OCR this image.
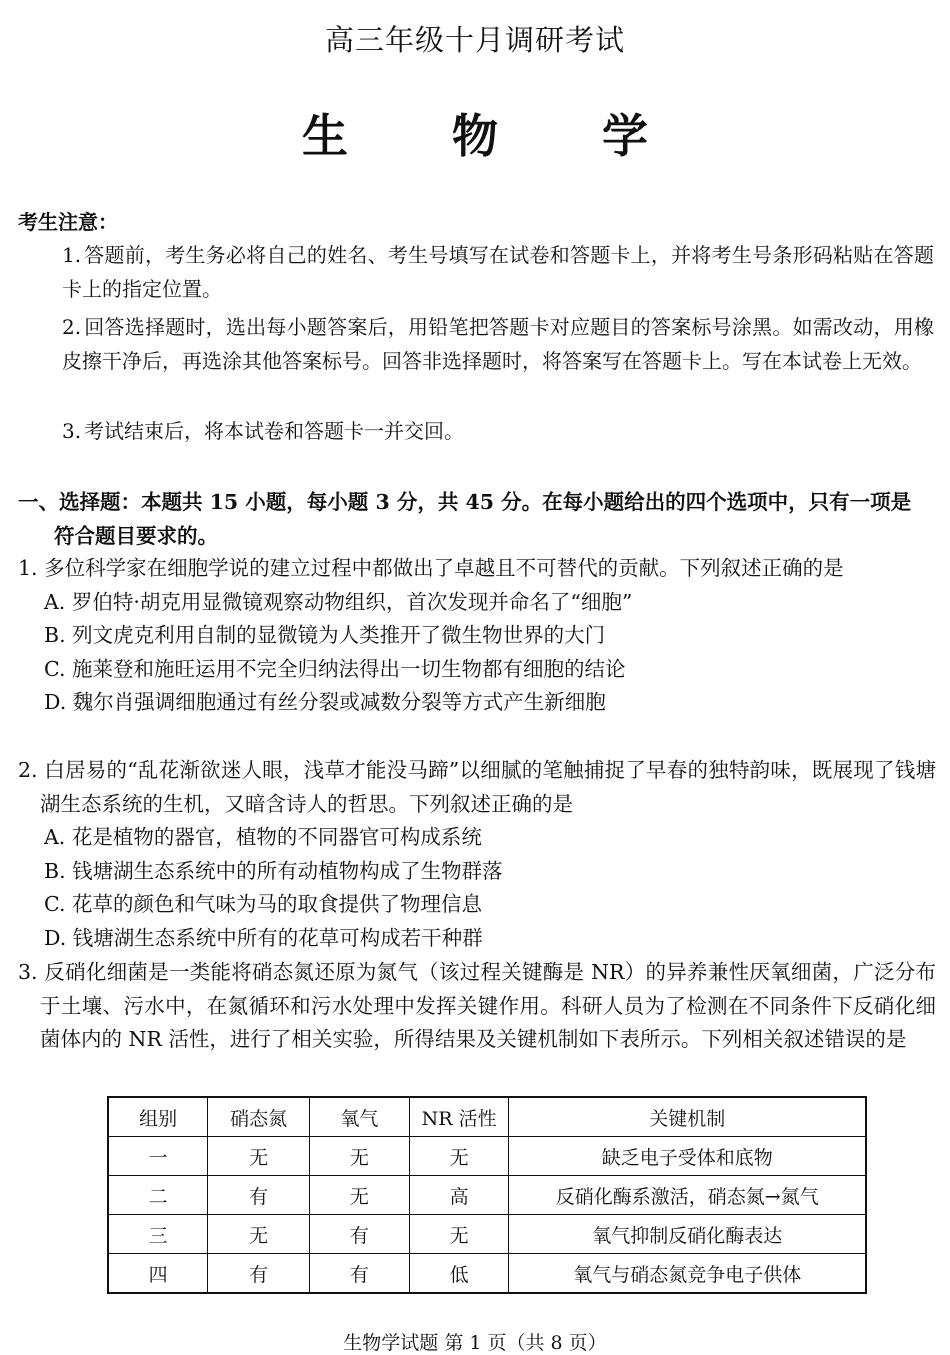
高三年级十月调研考试
生 物 学
考生注意：
1. 答题前，考生务必将自己的姓名、考生号填写在试卷和答题卡上，并将考生号条形码粘贴在答题卡上的指定位置。
2. 回答选择题时，选出每小题答案后，用铅笔把答题卡对应题目的答案标号涂黑。如需改动，用橡皮擦干净后，再选涂其他答案标号。回答非选择题时，将答案写在答题卡上。写在本试卷上无效。
3. 考试结束后，将本试卷和答题卡一并交回。
一、选择题：本题共 15 小题，每小题 3 分，共 45 分。在每小题给出的四个选项中，只有一项是
符合题目要求的。
1. 多位科学家在细胞学说的建立过程中都做出了卓越且不可替代的贡献。下列叙述正确的是
A. 罗伯特·胡克用显微镜观察动物组织，首次发现并命名了“细胞”
B. 列文虎克利用自制的显微镜为人类推开了微生物世界的大门
C. 施莱登和施旺运用不完全归纳法得出一切生物都有细胞的结论
D. 魏尔肖强调细胞通过有丝分裂或减数分裂等方式产生新细胞
2. 白居易的“乱花渐欲迷人眼，浅草才能没马蹄”以细腻的笔触捕捉了早春的独特韵味，既展现了钱塘湖生态系统的生机，又暗含诗人的哲思。下列叙述正确的是
A. 花是植物的器官，植物的不同器官可构成系统
B. 钱塘湖生态系统中的所有动植物构成了生物群落
C. 花草的颜色和气味为马的取食提供了物理信息
D. 钱塘湖生态系统中所有的花草可构成若干种群
3. 反硝化细菌是一类能将硝态氮还原为氮气（该过程关键酶是 NR）的异养兼性厌氧细菌，广泛分布于土壤、污水中，在氮循环和污水处理中发挥关键作用。科研人员为了检测在不同条件下反硝化细菌体内的 NR 活性，进行了相关实验，所得结果及关键机制如下表所示。下列相关叙述错误的是
组别	硝态氮	氧气	NR 活性	关键机制
一	无	无	无	缺乏电子受体和底物
二	有	无	高	反硝化酶系激活，硝态氮→氮气
三	无	有	无	氧气抑制反硝化酶表达
四	有	有	低	氧气与硝态氮竞争电子供体
生物学试题 第 1 页（共 8 页）
